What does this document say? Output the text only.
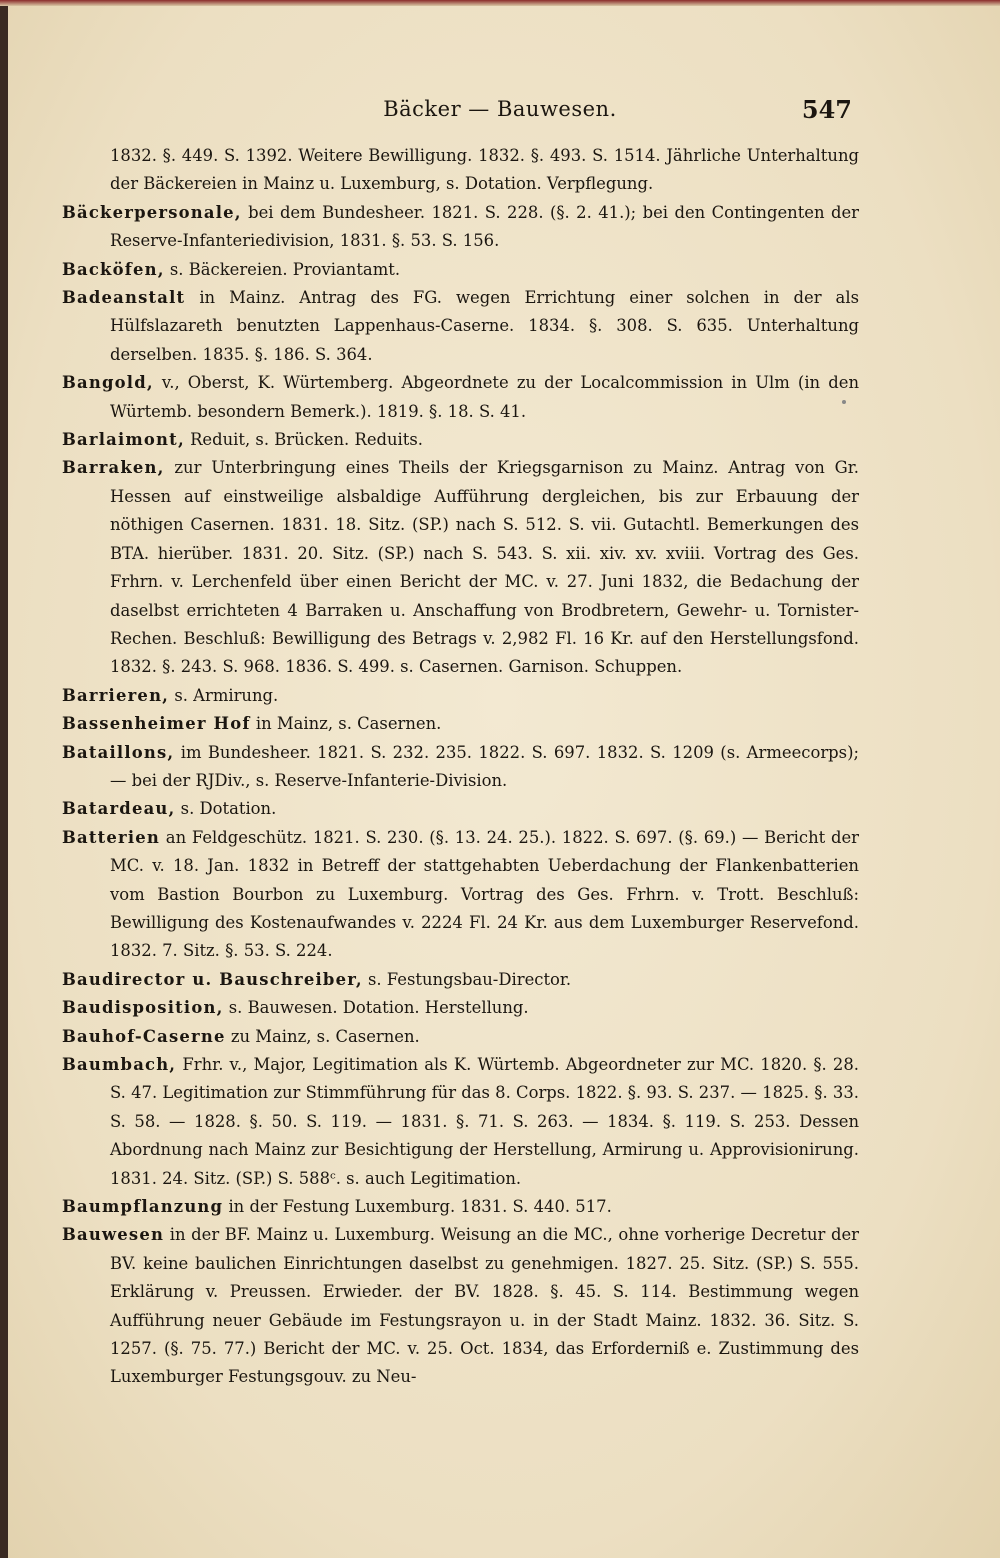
Bäcker — Bauwesen.	547
1832. §. 449. S. 1392. Weitere Bewilligung. 1832. §. 493. S. 1514. Jährliche Unterhaltung der Bäckereien in Mainz u. Luxemburg, s. Dotation. Verpflegung.
Bäckerpersonale, bei dem Bundesheer. 1821. S. 228. (§. 2. 41.); bei den Contingenten der Reserve-Infanteriedivision, 1831. §. 53. S. 156.
Backöfen, s. Bäckereien. Proviantamt.
Badeanstalt in Mainz. Antrag des FG. wegen Errichtung einer solchen in der als Hülfslazareth benutzten Lappenhaus-Caserne. 1834. §. 308. S. 635. Unterhaltung derselben. 1835. §. 186. S. 364.
Bangold, v., Oberst, K. Würtemberg. Abgeordnete zu der Localcommission in Ulm (in den Würtemb. besondern Bemerk.). 1819. §. 18. S. 41.
Barlaimont, Reduit, s. Brücken. Reduits.
Barraken, zur Unterbringung eines Theils der Kriegsgarnison zu Mainz. Antrag von Gr. Hessen auf einstweilige alsbaldige Aufführung dergleichen, bis zur Erbauung der nöthigen Casernen. 1831. 18. Sitz. (SP.) nach S. 512. S. vii. Gutachtl. Bemerkungen des BTA. hierüber. 1831. 20. Sitz. (SP.) nach S. 543. S. xii. xiv. xv. xviii. Vortrag des Ges. Frhrn. v. Lerchenfeld über einen Bericht der MC. v. 27. Juni 1832, die Bedachung der daselbst errichteten 4 Barraken u. Anschaffung von Brodbretern, Gewehr- u. Tornister-Rechen. Beschluß: Bewilligung des Betrags v. 2,982 Fl. 16 Kr. auf den Herstellungsfond. 1832. §. 243. S. 968. 1836. S. 499. s. Casernen. Garnison. Schuppen.
Barrieren, s. Armirung.
Bassenheimer Hof in Mainz, s. Casernen.
Bataillons, im Bundesheer. 1821. S. 232. 235. 1822. S. 697. 1832. S. 1209 (s. Armeecorps); — bei der RJDiv., s. Reserve-Infanterie-Division.
Batardeau, s. Dotation.
Batterien an Feldgeschütz. 1821. S. 230. (§. 13. 24. 25.). 1822. S. 697. (§. 69.) — Bericht der MC. v. 18. Jan. 1832 in Betreff der stattgehabten Ueberdachung der Flankenbatterien vom Bastion Bourbon zu Luxemburg. Vortrag des Ges. Frhrn. v. Trott. Beschluß: Bewilligung des Kostenaufwandes v. 2224 Fl. 24 Kr. aus dem Luxemburger Reservefond. 1832. 7. Sitz. §. 53. S. 224.
Baudirector u. Bauschreiber, s. Festungsbau-Director.
Baudisposition, s. Bauwesen. Dotation. Herstellung.
Bauhof-Caserne zu Mainz, s. Casernen.
Baumbach, Frhr. v., Major, Legitimation als K. Würtemb. Abgeordneter zur MC. 1820. §. 28. S. 47. Legitimation zur Stimmführung für das 8. Corps. 1822. §. 93. S. 237. — 1825. §. 33. S. 58. — 1828. §. 50. S. 119. — 1831. §. 71. S. 263. — 1834. §. 119. S. 253. Dessen Abordnung nach Mainz zur Besichtigung der Herstellung, Armirung u. Approvisionirung. 1831. 24. Sitz. (SP.) S. 588ᶜ. s. auch Legitimation.
Baumpflanzung in der Festung Luxemburg. 1831. S. 440. 517.
Bauwesen in der BF. Mainz u. Luxemburg. Weisung an die MC., ohne vorherige Decretur der BV. keine baulichen Einrichtungen daselbst zu genehmigen. 1827. 25. Sitz. (SP.) S. 555. Erklärung v. Preussen. Erwieder. der BV. 1828. §. 45. S. 114. Bestimmung wegen Aufführung neuer Gebäude im Festungsrayon u. in der Stadt Mainz. 1832. 36. Sitz. S. 1257. (§. 75. 77.) Bericht der MC. v. 25. Oct. 1834, das Erforderniß e. Zustimmung des Luxemburger Festungsgouv. zu Neu-
